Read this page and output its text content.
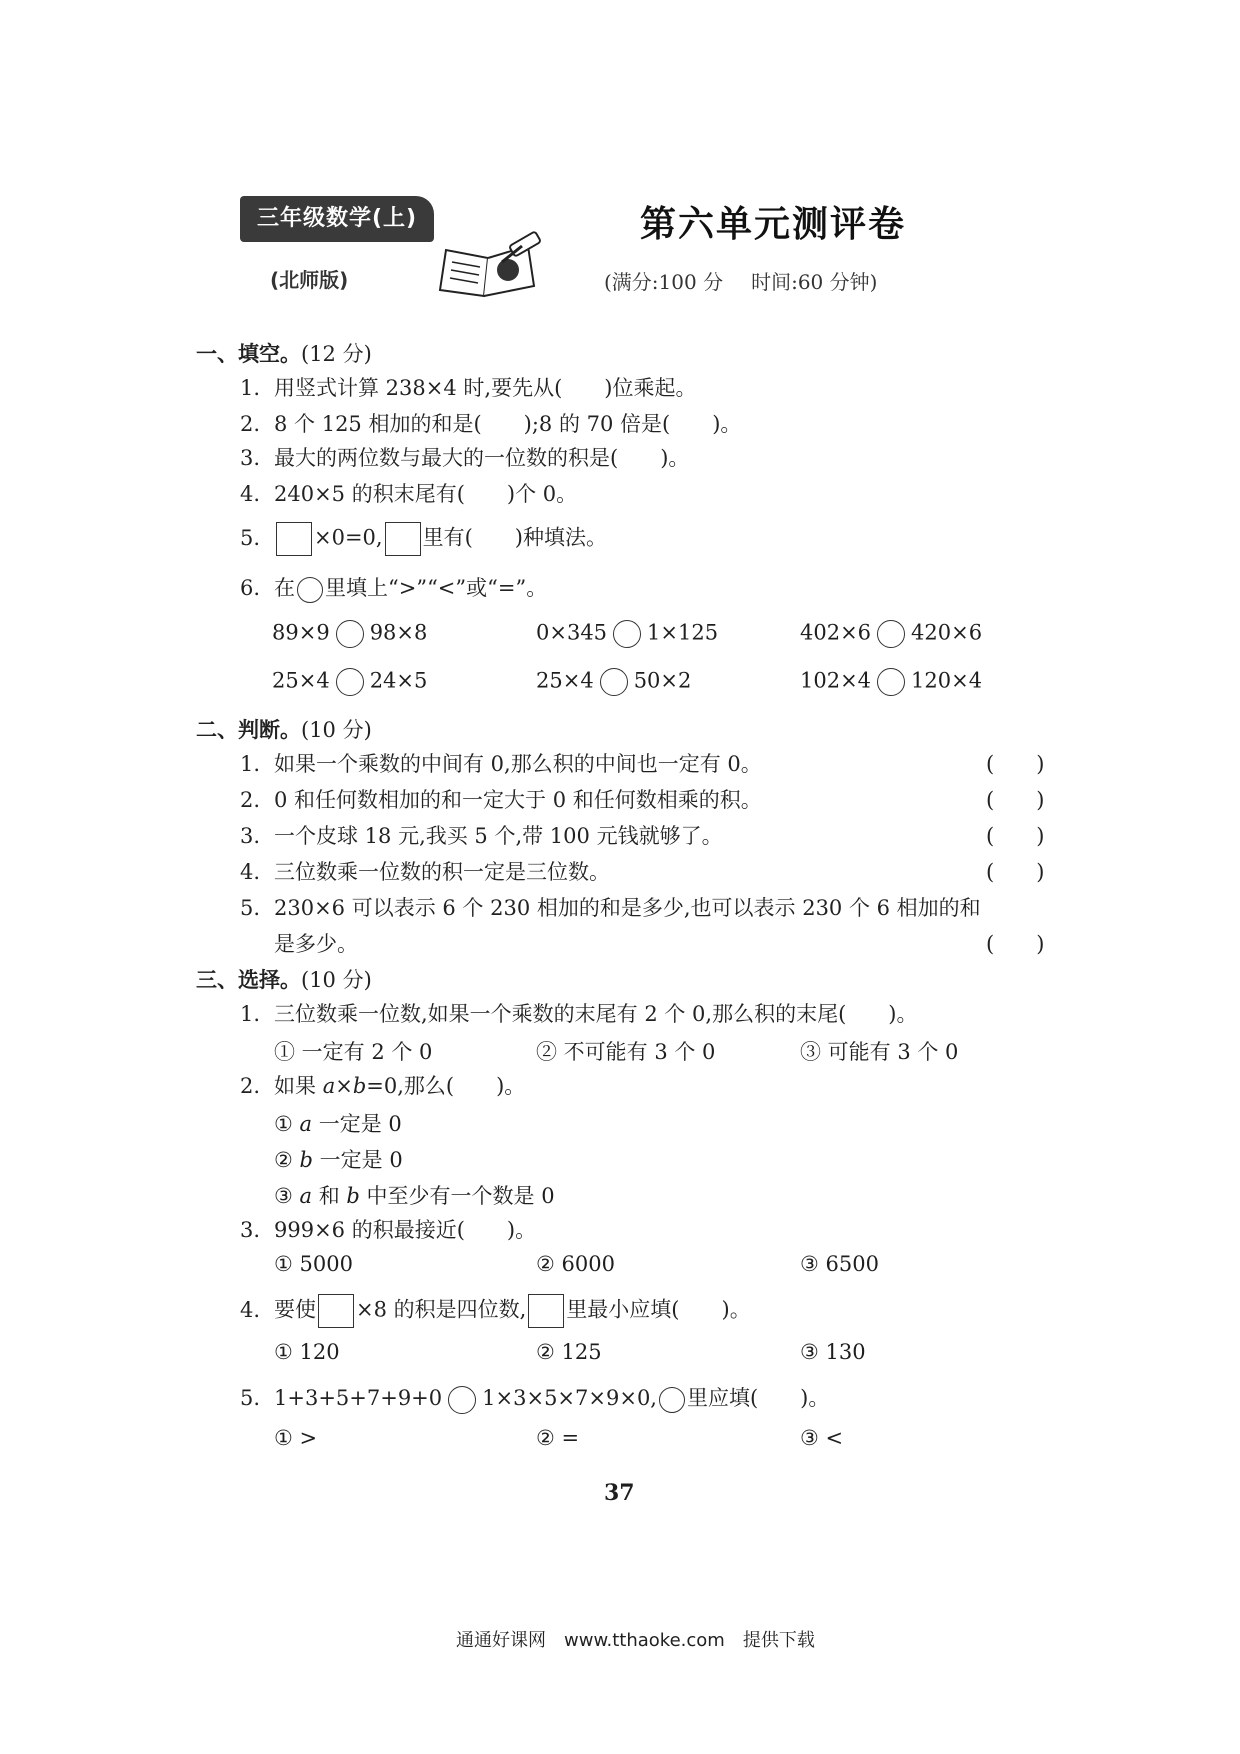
三年级数学(上)
(北师版)
第六单元测评卷
(满分:100 分 时间:60 分钟)
一、填空。(12 分)
1. 用竖式计算 238×4 时,要先从(　　)位乘起。
2. 8 个 125 相加的和是(　　);8 的 70 倍是(　　)。
3. 最大的两位数与最大的一位数的积是(　　)。
4. 240×5 的积末尾有(　　)个 0。
5.	×0=0, 里有(　　)种填法。
6. 在 里填上“>”“<”或“=”。
89×9 98×8	0×345 1×125	402×6 420×6
25×4 24×5	25×4 50×2	102×4 120×4
二、判断。(10 分)
1. 如果一个乘数的中间有 0,那么积的中间也一定有 0。	(　　)
2. 0 和任何数相加的和一定大于 0 和任何数相乘的积。	(　　)
3. 一个皮球 18 元,我买 5 个,带 100 元钱就够了。	(　　)
4. 三位数乘一位数的积一定是三位数。	(　　)
5. 230×6 可以表示 6 个 230 相加的和是多少,也可以表示 230 个 6 相加的和
是多少。	(　　)
三、选择。(10 分)
1. 三位数乘一位数,如果一个乘数的末尾有 2 个 0,那么积的末尾(　　)。
① 一定有 2 个 0	② 不可能有 3 个 0	③ 可能有 3 个 0
2. 如果 a×b=0,那么(　　)。
① a 一定是 0
② b 一定是 0
③ a 和 b 中至少有一个数是 0
3. 999×6 的积最接近(　　)。
① 5000	② 6000	③ 6500
4. 要使 ×8 的积是四位数, 里最小应填(　　)。
① 120	② 125	③ 130
5. 1+3+5+7+9+0 1×3×5×7×9×0, 里应填(　　)。
① >	② =	③ <
37
通通好课网　www.tthaoke.com　提供下载
